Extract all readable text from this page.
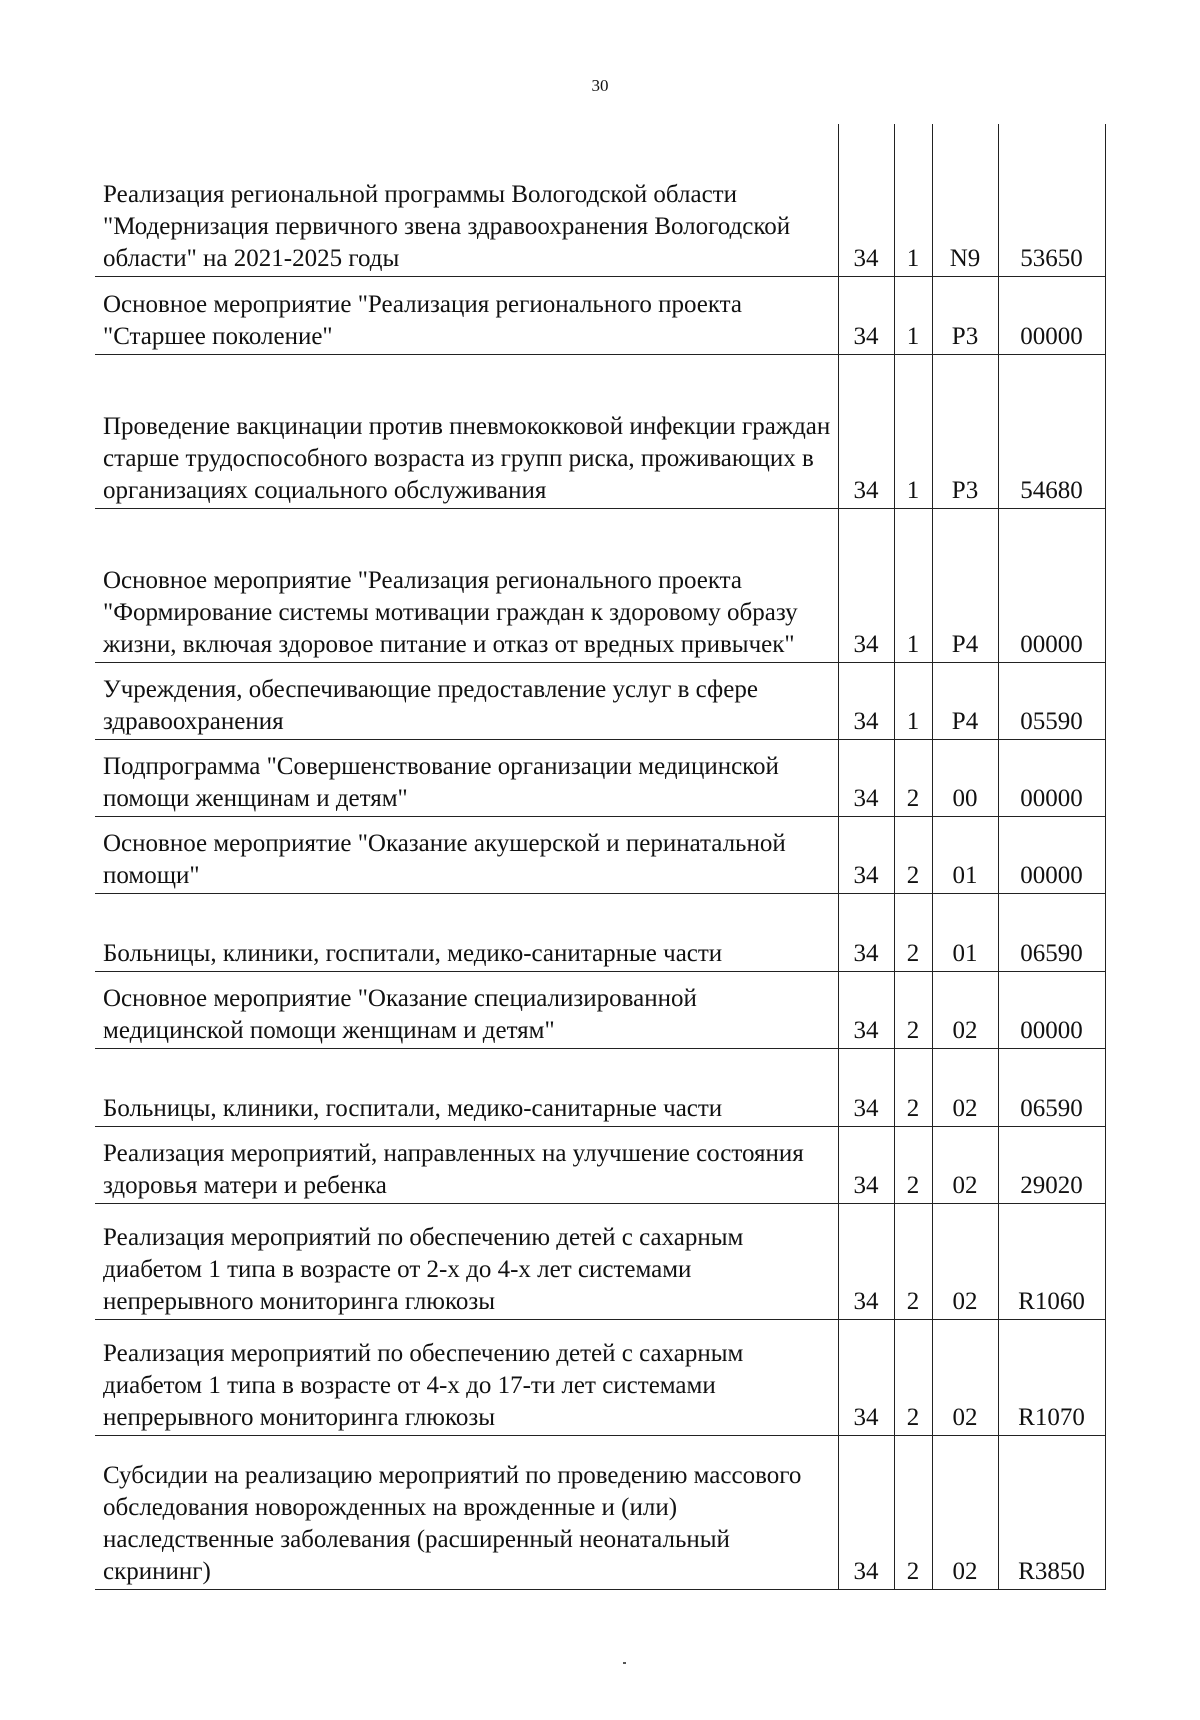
30
Реализация региональной программы Вологодской области "Модернизация первичного звена здравоохранения Вологодской области" на 2021-2025 годы	34	1	N9	53650
Основное мероприятие "Реализация регионального проекта "Старшее поколение"	34	1	P3	00000
Проведение вакцинации против пневмококковой инфекции граждан старше трудоспособного возраста из групп риска, проживающих в организациях социального обслуживания	34	1	P3	54680
Основное мероприятие "Реализация регионального проекта "Формирование системы мотивации граждан к здоровому образу жизни, включая здоровое питание и отказ от вредных привычек"	34	1	P4	00000
Учреждения, обеспечивающие предоставление услуг в сфере здравоохранения	34	1	P4	05590
Подпрограмма "Совершенствование организации медицинской помощи женщинам и детям"	34	2	00	00000
Основное мероприятие "Оказание акушерской и перинатальной помощи"	34	2	01	00000
Больницы, клиники, госпитали, медико-санитарные части	34	2	01	06590
Основное мероприятие "Оказание специализированной медицинской помощи женщинам и детям"	34	2	02	00000
Больницы, клиники, госпитали, медико-санитарные части	34	2	02	06590
Реализация мероприятий, направленных на улучшение состояния здоровья матери и ребенка	34	2	02	29020
Реализация мероприятий по обеспечению детей с сахарным диабетом 1 типа в возрасте от 2-х до 4-х лет системами непрерывного мониторинга глюкозы	34	2	02	R1060
Реализация мероприятий по обеспечению детей с сахарным диабетом 1 типа в возрасте от 4-х до 17-ти лет системами непрерывного мониторинга глюкозы	34	2	02	R1070
Субсидии на реализацию мероприятий по проведению массового обследования новорожденных на врожденные и (или) наследственные заболевания (расширенный неонатальный скрининг)	34	2	02	R3850
